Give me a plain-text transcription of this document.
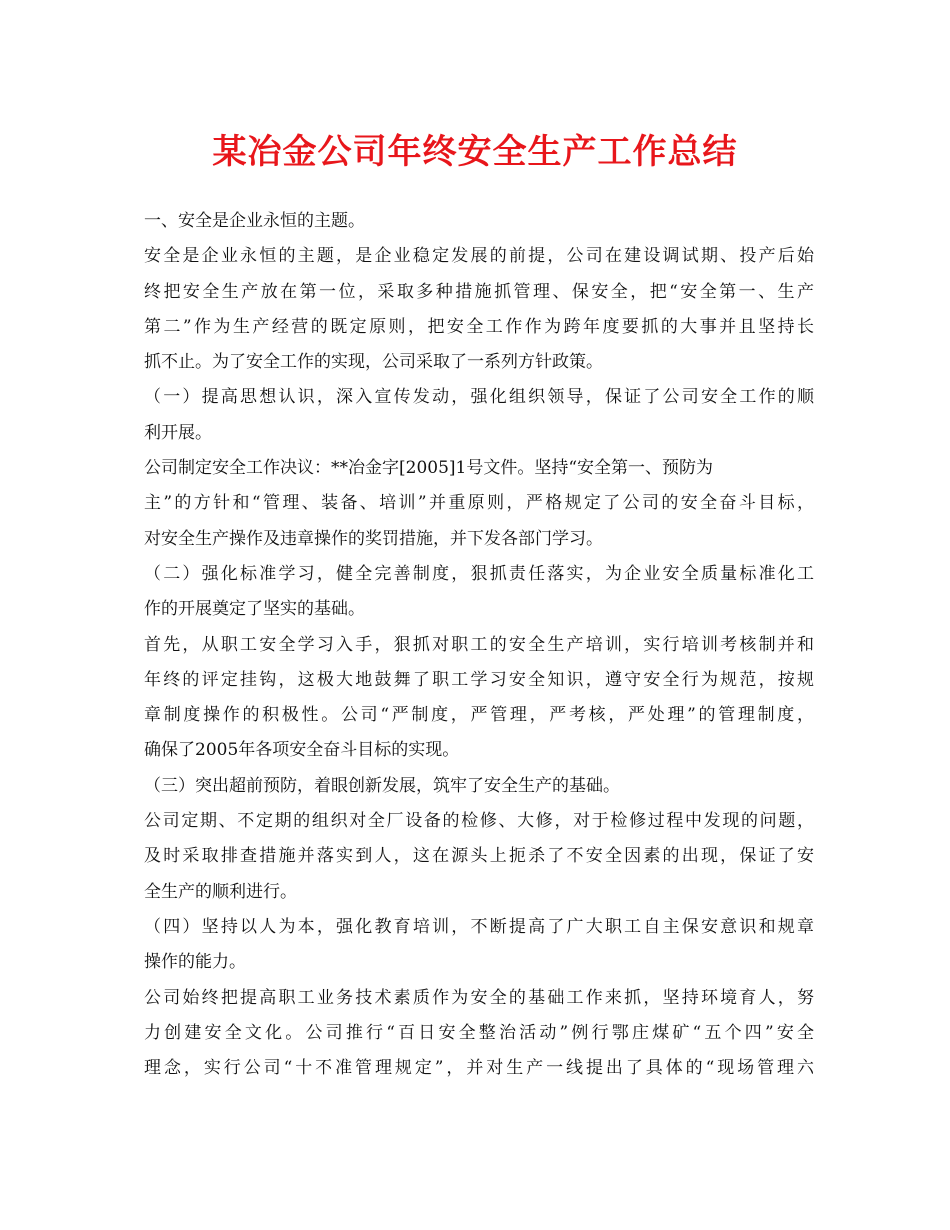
某冶金公司年终安全生产工作总结
一、安全是企业永恒的主题。
安全是企业永恒的主题，是企业稳定发展的前提，公司在建设调试期、投产后始
终把安全生产放在第一位，采取多种措施抓管理、保安全，把“安全第一、生产
第二”作为生产经营的既定原则，把安全工作作为跨年度要抓的大事并且坚持长
抓不止。为了安全工作的实现，公司采取了一系列方针政策。
（一）提高思想认识，深入宣传发动，强化组织领导，保证了公司安全工作的顺
利开展。
公司制定安全工作决议：**冶金字[2005]1号文件。坚持“安全第一、预防为
主”的方针和“管理、装备、培训”并重原则，严格规定了公司的安全奋斗目标，
对安全生产操作及违章操作的奖罚措施，并下发各部门学习。
（二）强化标准学习，健全完善制度，狠抓责任落实，为企业安全质量标准化工
作的开展奠定了坚实的基础。
首先，从职工安全学习入手，狠抓对职工的安全生产培训，实行培训考核制并和
年终的评定挂钩，这极大地鼓舞了职工学习安全知识，遵守安全行为规范，按规
章制度操作的积极性。公司“严制度，严管理，严考核，严处理”的管理制度，
确保了2005年各项安全奋斗目标的实现。
（三）突出超前预防，着眼创新发展，筑牢了安全生产的基础。
公司定期、不定期的组织对全厂设备的检修、大修，对于检修过程中发现的问题，
及时采取排查措施并落实到人，这在源头上扼杀了不安全因素的出现，保证了安
全生产的顺利进行。
（四）坚持以人为本，强化教育培训，不断提高了广大职工自主保安意识和规章
操作的能力。
公司始终把提高职工业务技术素质作为安全的基础工作来抓，坚持环境育人，努
力创建安全文化。公司推行“百日安全整治活动”例行鄂庄煤矿“五个四”安全
理念，实行公司“十不准管理规定”，并对生产一线提出了具体的“现场管理六
